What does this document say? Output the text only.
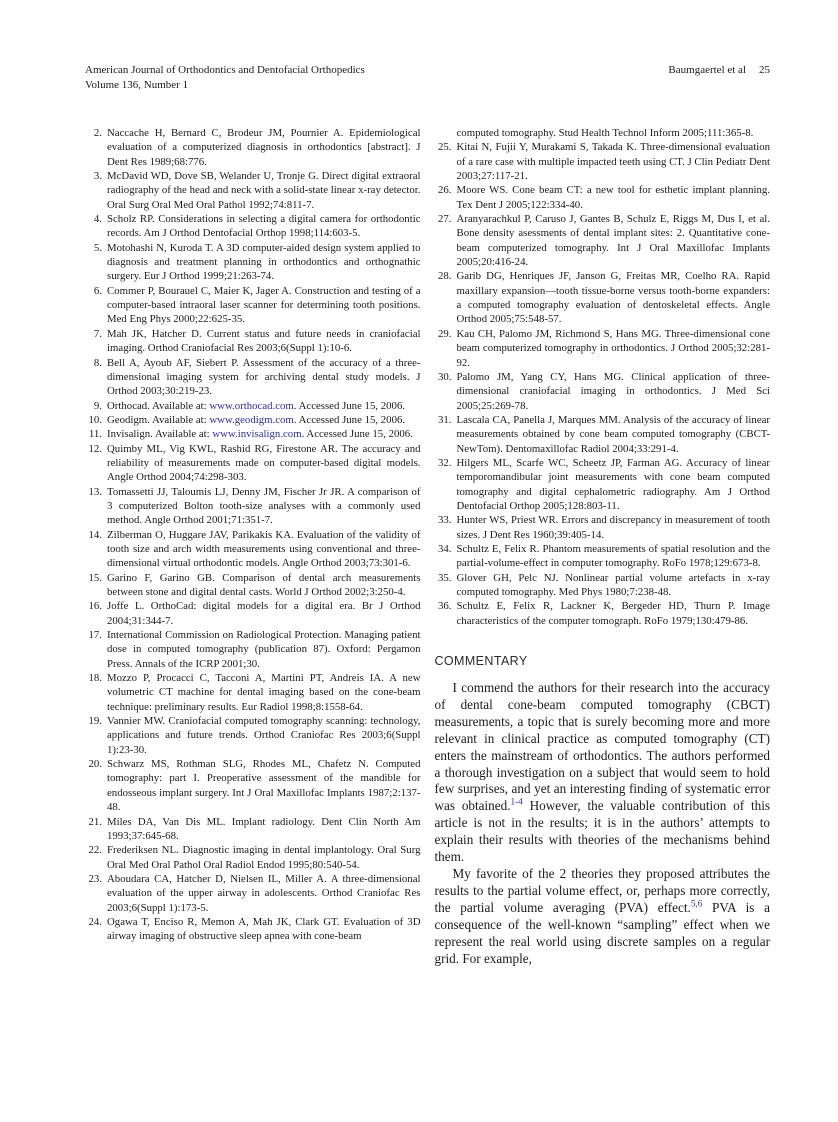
American Journal of Orthodontics and Dentofacial Orthopedics
Volume 136, Number 1
Baumgaertel et al 25
2. Naccache H, Bernard C, Brodeur JM, Pournier A. Epidemiological evaluation of a computerized diagnosis in orthodontics [abstract]. J Dent Res 1989;68:776.
3. McDavid WD, Dove SB, Welander U, Tronje G. Direct digital extraoral radiography of the head and neck with a solid-state linear x-ray detector. Oral Surg Oral Med Oral Pathol 1992;74:811-7.
4. Scholz RP. Considerations in selecting a digital camera for orthodontic records. Am J Orthod Dentofacial Orthop 1998;114:603-5.
5. Motohashi N, Kuroda T. A 3D computer-aided design system applied to diagnosis and treatment planning in orthodontics and orthognathic surgery. Eur J Orthod 1999;21:263-74.
6. Commer P, Bourauel C, Maier K, Jager A. Construction and testing of a computer-based intraoral laser scanner for determining tooth positions. Med Eng Phys 2000;22:625-35.
7. Mah JK, Hatcher D. Current status and future needs in craniofacial imaging. Orthod Craniofacial Res 2003;6(Suppl 1):10-6.
8. Bell A, Ayoub AF, Siebert P. Assessment of the accuracy of a three-dimensional imaging system for archiving dental study models. J Orthod 2003;30:219-23.
9. Orthocad. Available at: www.orthocad.com. Accessed June 15, 2006.
10. Geodigm. Available at: www.geodigm.com. Accessed June 15, 2006.
11. Invisalign. Available at: www.invisalign.com. Accessed June 15, 2006.
12. Quimby ML, Vig KWL, Rashid RG, Firestone AR. The accuracy and reliability of measurements made on computer-based digital models. Angle Orthod 2004;74:298-303.
13. Tomassetti JJ, Taloumis LJ, Denny JM, Fischer Jr JR. A comparison of 3 computerized Bolton tooth-size analyses with a commonly used method. Angle Orthod 2001;71:351-7.
14. Zilberman O, Huggare JAV, Parikakis KA. Evaluation of the validity of tooth size and arch width measurements using conventional and three-dimensional virtual orthodontic models. Angle Orthod 2003;73:301-6.
15. Garino F, Garino GB. Comparison of dental arch measurements between stone and digital dental casts. World J Orthod 2002;3:250-4.
16. Joffe L. OrthoCad: digital models for a digital era. Br J Orthod 2004;31:344-7.
17. International Commission on Radiological Protection. Managing patient dose in computed tomography (publication 87). Oxford: Pergamon Press. Annals of the ICRP 2001;30.
18. Mozzo P, Procacci C, Tacconi A, Martini PT, Andreis IA. A new volumetric CT machine for dental imaging based on the cone-beam technique: preliminary results. Eur Radiol 1998;8:1558-64.
19. Vannier MW. Craniofacial computed tomography scanning: technology, applications and future trends. Orthod Craniofac Res 2003;6(Suppl 1):23-30.
20. Schwarz MS, Rothman SLG, Rhodes ML, Chafetz N. Computed tomography: part I. Preoperative assessment of the mandible for endosseous implant surgery. Int J Oral Maxillofac Implants 1987;2:137-48.
21. Miles DA, Van Dis ML. Implant radiology. Dent Clin North Am 1993;37:645-68.
22. Frederiksen NL. Diagnostic imaging in dental implantology. Oral Surg Oral Med Oral Pathol Oral Radiol Endod 1995;80:540-54.
23. Aboudara CA, Hatcher D, Nielsen IL, Miller A. A three-dimensional evaluation of the upper airway in adolescents. Orthod Craniofac Res 2003;6(Suppl 1):173-5.
24. Ogawa T, Enciso R, Memon A, Mah JK, Clark GT. Evaluation of 3D airway imaging of obstructive sleep apnea with cone-beam
computed tomography. Stud Health Technol Inform 2005;111:365-8.
25. Kitai N, Fujii Y, Murakami S, Takada K. Three-dimensional evaluation of a rare case with multiple impacted teeth using CT. J Clin Pediatr Dent 2003;27:117-21.
26. Moore WS. Cone beam CT: a new tool for esthetic implant planning. Tex Dent J 2005;122:334-40.
27. Aranyarachkul P, Caruso J, Gantes B, Schulz E, Riggs M, Dus I, et al. Bone density asessments of dental implant sites: 2. Quantitative cone-beam computerized tomography. Int J Oral Maxillofac Implants 2005;20:416-24.
28. Garib DG, Henriques JF, Janson G, Freitas MR, Coelho RA. Rapid maxillary expansion—tooth tissue-borne versus tooth-borne expanders: a computed tomography evaluation of dentoskeletal effects. Angle Orthod 2005;75:548-57.
29. Kau CH, Palomo JM, Richmond S, Hans MG. Three-dimensional cone beam computerized tomography in orthodontics. J Orthod 2005;32:281-92.
30. Palomo JM, Yang CY, Hans MG. Clinical application of three-dimensional craniofacial imaging in orthodontics. J Med Sci 2005;25:269-78.
31. Lascala CA, Panella J, Marques MM. Analysis of the accuracy of linear measurements obtained by cone beam computed tomography (CBCT-NewTom). Dentomaxillofac Radiol 2004;33:291-4.
32. Hilgers ML, Scarfe WC, Scheetz JP, Farman AG. Accuracy of linear temporomandibular joint measurements with cone beam computed tomography and digital cephalometric radiography. Am J Orthod Dentofacial Orthop 2005;128:803-11.
33. Hunter WS, Priest WR. Errors and discrepancy in measurement of tooth sizes. J Dent Res 1960;39:405-14.
34. Schultz E, Felix R. Phantom measurements of spatial resolution and the partial-volume-effect in computer tomography. RoFo 1978;129:673-8.
35. Glover GH, Pelc NJ. Nonlinear partial volume artefacts in x-ray computed tomography. Med Phys 1980;7:238-48.
36. Schultz E, Felix R, Lackner K, Bergeder HD, Thurn P. Image characteristics of the computer tomograph. RoFo 1979;130:479-86.
COMMENTARY

I commend the authors for their research into the accuracy of dental cone-beam computed tomography (CBCT) measurements, a topic that is surely becoming more and more relevant in clinical practice as computed tomography (CT) enters the mainstream of orthodontics. The authors performed a thorough investigation on a subject that would seem to hold few surprises, and yet an interesting finding of systematic error was obtained.$^{1-4}$ However, the valuable contribution of this article is not in the results; it is in the authors’ attempts to explain their results with theories of the mechanisms behind them.

My favorite of the 2 theories they proposed attributes the results to the partial volume effect, or, perhaps more correctly, the partial volume averaging (PVA) effect.$^{5,6}$ PVA is a consequence of the well-known “sampling” effect when we represent the real world using discrete samples on a regular grid. For example,
